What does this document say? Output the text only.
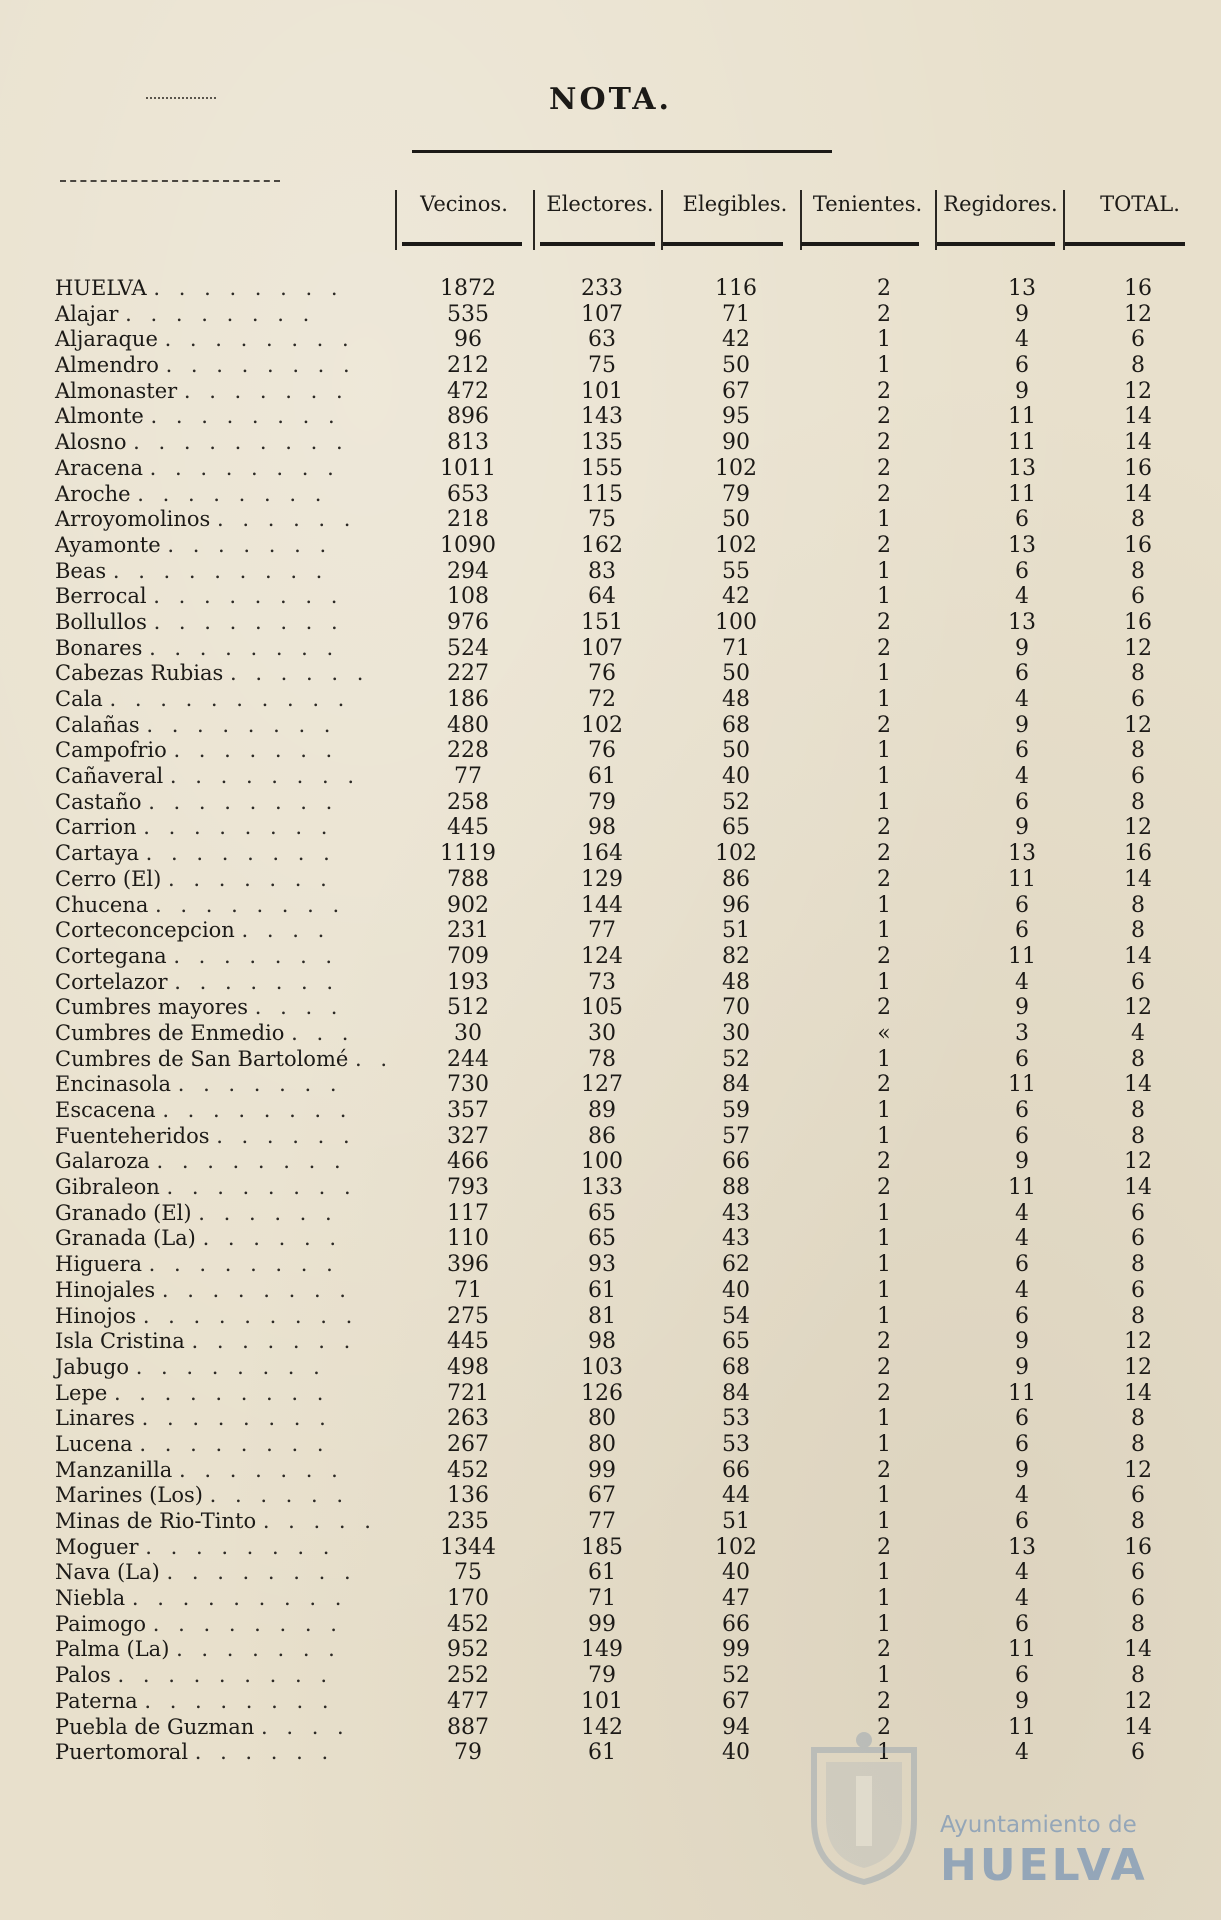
NOTA.
Vecinos.	Electores.	Elegibles.	Tenientes.	Regidores.	TOTAL.
HUELVA . . . . . . . .	1872	233	116	2	13	16
Alajar . . . . . . . .	535	107	71	2	9	12
Aljaraque . . . . . . . .	96	63	42	1	4	6
Almendro . . . . . . . .	212	75	50	1	6	8
Almonaster . . . . . . .	472	101	67	2	9	12
Almonte . . . . . . . .	896	143	95	2	11	14
Alosno . . . . . . . . .	813	135	90	2	11	14
Aracena . . . . . . . .	1011	155	102	2	13	16
Aroche . . . . . . . .	653	115	79	2	11	14
Arroyomolinos . . . . . .	218	75	50	1	6	8
Ayamonte . . . . . . .	1090	162	102	2	13	16
Beas . . . . . . . . .	294	83	55	1	6	8
Berrocal . . . . . . . .	108	64	42	1	4	6
Bollullos . . . . . . . .	976	151	100	2	13	16
Bonares . . . . . . . .	524	107	71	2	9	12
Cabezas Rubias . . . . . .	227	76	50	1	6	8
Cala . . . . . . . . . .	186	72	48	1	4	6
Calañas . . . . . . . .	480	102	68	2	9	12
Campofrio . . . . . . .	228	76	50	1	6	8
Cañaveral . . . . . . . .	77	61	40	1	4	6
Castaño . . . . . . . .	258	79	52	1	6	8
Carrion . . . . . . . .	445	98	65	2	9	12
Cartaya . . . . . . . .	1119	164	102	2	13	16
Cerro (El) . . . . . . .	788	129	86	2	11	14
Chucena . . . . . . . .	902	144	96	1	6	8
Corteconcepcion . . . .	231	77	51	1	6	8
Cortegana . . . . . . .	709	124	82	2	11	14
Cortelazor . . . . . . .	193	73	48	1	4	6
Cumbres mayores . . . .	512	105	70	2	9	12
Cumbres de Enmedio . . .	30	30	30	«	3	4
Cumbres de San Bartolomé . . 244	78	52	1	6	8
Encinasola . . . . . . .	730	127	84	2	11	14
Escacena . . . . . . . .	357	89	59	1	6	8
Fuenteheridos . . . . . .	327	86	57	1	6	8
Galaroza . . . . . . . .	466	100	66	2	9	12
Gibraleon . . . . . . . .	793	133	88	2	11	14
Granado (El) . . . . . .	117	65	43	1	4	6
Granada (La) . . . . . .	110	65	43	1	4	6
Higuera . . . . . . . .	396	93	62	1	6	8
Hinojales . . . . . . . .	71	61	40	1	4	6
Hinojos . . . . . . . . .	275	81	54	1	6	8
Isla Cristina . . . . . . .	445	98	65	2	9	12
Jabugo . . . . . . . .	498	103	68	2	9	12
Lepe . . . . . . . . .	721	126	84	2	11	14
Linares . . . . . . . .	263	80	53	1	6	8
Lucena . . . . . . . .	267	80	53	1	6	8
Manzanilla . . . . . . .	452	99	66	2	9	12
Marines (Los) . . . . . .	136	67	44	1	4	6
Minas de Rio-Tinto . . . . .	235	77	51	1	6	8
Moguer . . . . . . . .	1344	185	102	2	13	16
Nava (La) . . . . . . . .	75	61	40	1	4	6
Niebla . . . . . . . . .	170	71	47	1	4	6
Paimogo . . . . . . . .	452	99	66	1	6	8
Palma (La) . . . . . . .	952	149	99	2	11	14
Palos . . . . . . . . .	252	79	52	1	6	8
Paterna . . . . . . . .	477	101	67	2	9	12
Puebla de Guzman . . . .	887	142	94	2	11	14
Puertomoral . . . . . .	79	61	40	1	4	6
Ayuntamiento de
HUELVA
